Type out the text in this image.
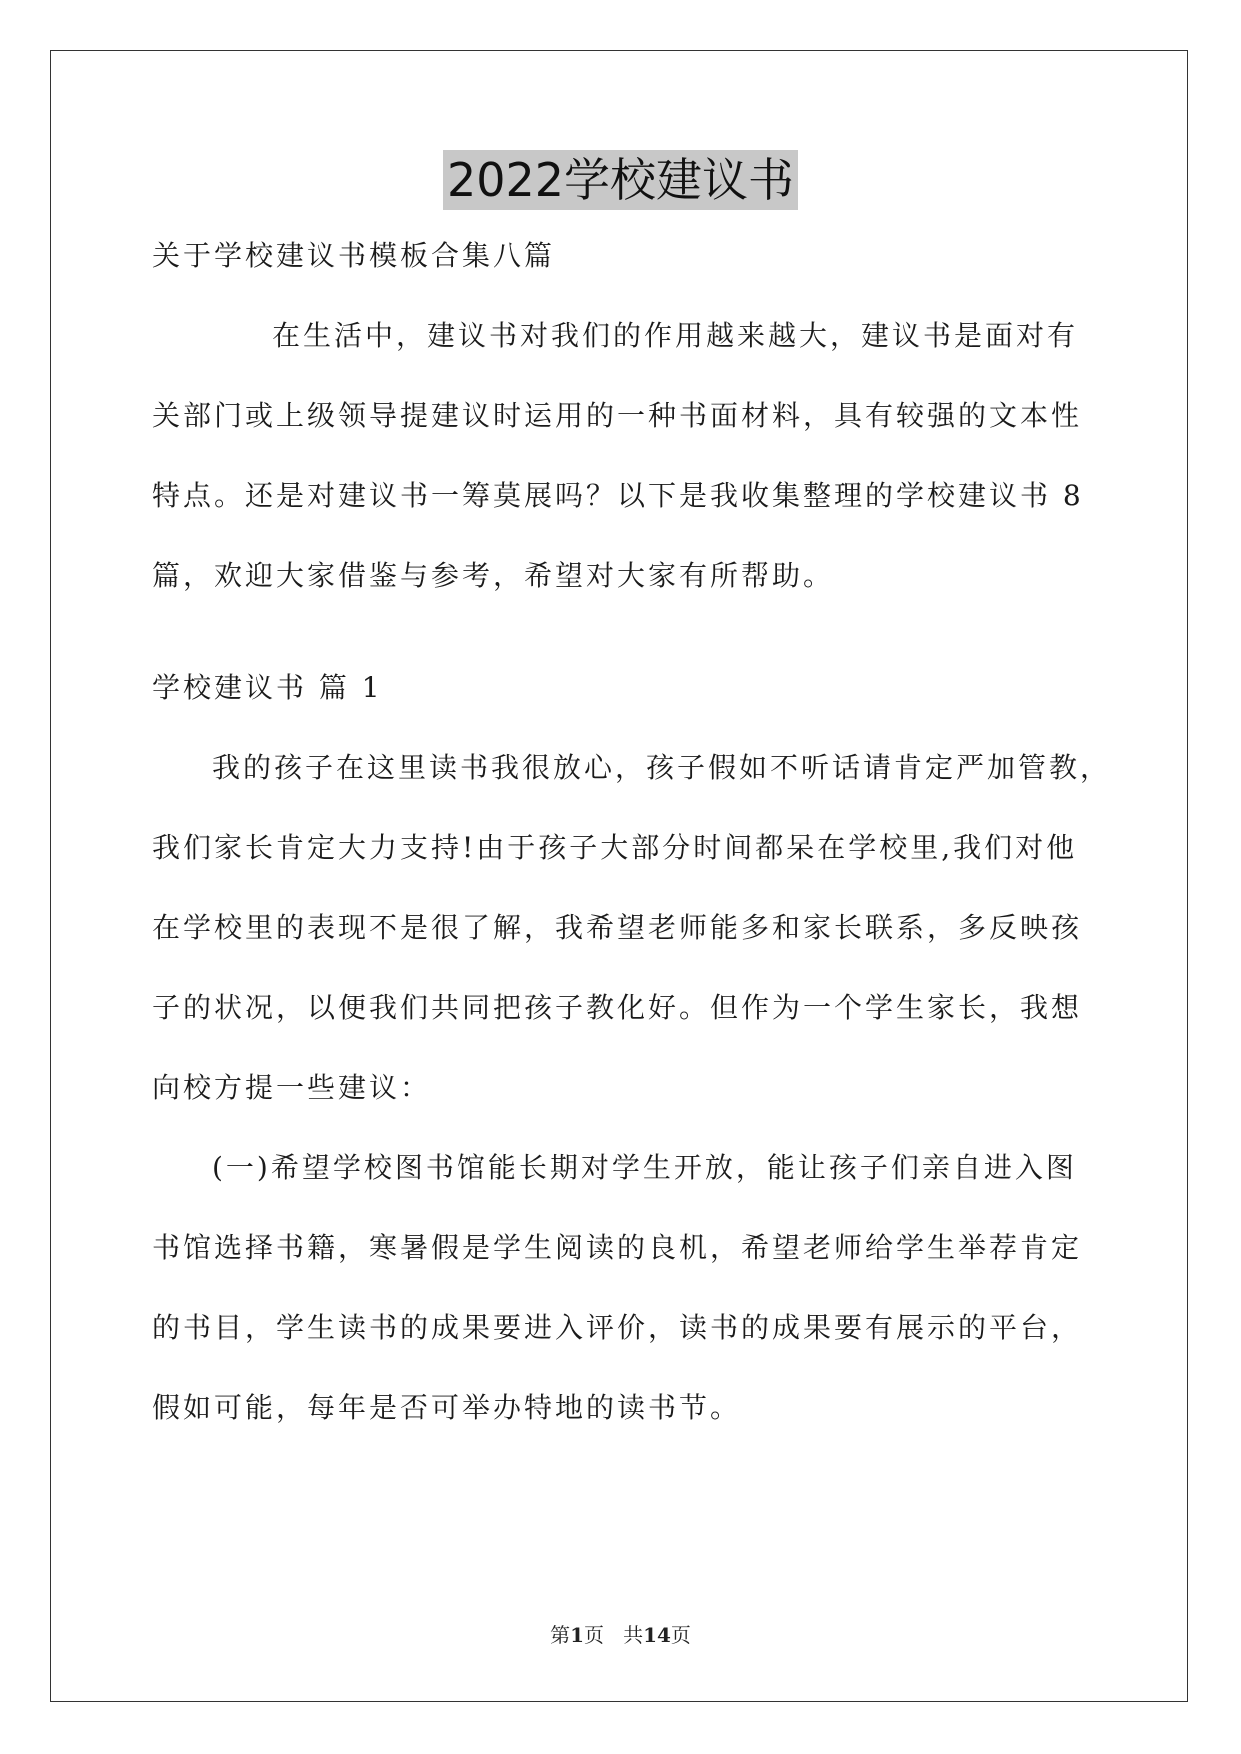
2022学校建议书

关于学校建议书模板合集八篇

在生活中，建议书对我们的作用越来越大，建议书是面对有

关部门或上级领导提建议时运用的一种书面材料，具有较强的文本性

特点。还是对建议书一筹莫展吗？以下是我收集整理的学校建议书 8

篇，欢迎大家借鉴与参考，希望对大家有所帮助。

学校建议书 篇 1

我的孩子在这里读书我很放心，孩子假如不听话请肯定严加管教，

我们家长肯定大力支持!由于孩子大部分时间都呆在学校里,我们对他

在学校里的表现不是很了解，我希望老师能多和家长联系，多反映孩

子的状况，以便我们共同把孩子教化好。但作为一个学生家长，我想

向校方提一些建议：

(一)希望学校图书馆能长期对学生开放，能让孩子们亲自进入图

书馆选择书籍，寒暑假是学生阅读的良机，希望老师给学生举荐肯定

的书目，学生读书的成果要进入评价，读书的成果要有展示的平台，

假如可能，每年是否可举办特地的读书节。

第1页   共14页
